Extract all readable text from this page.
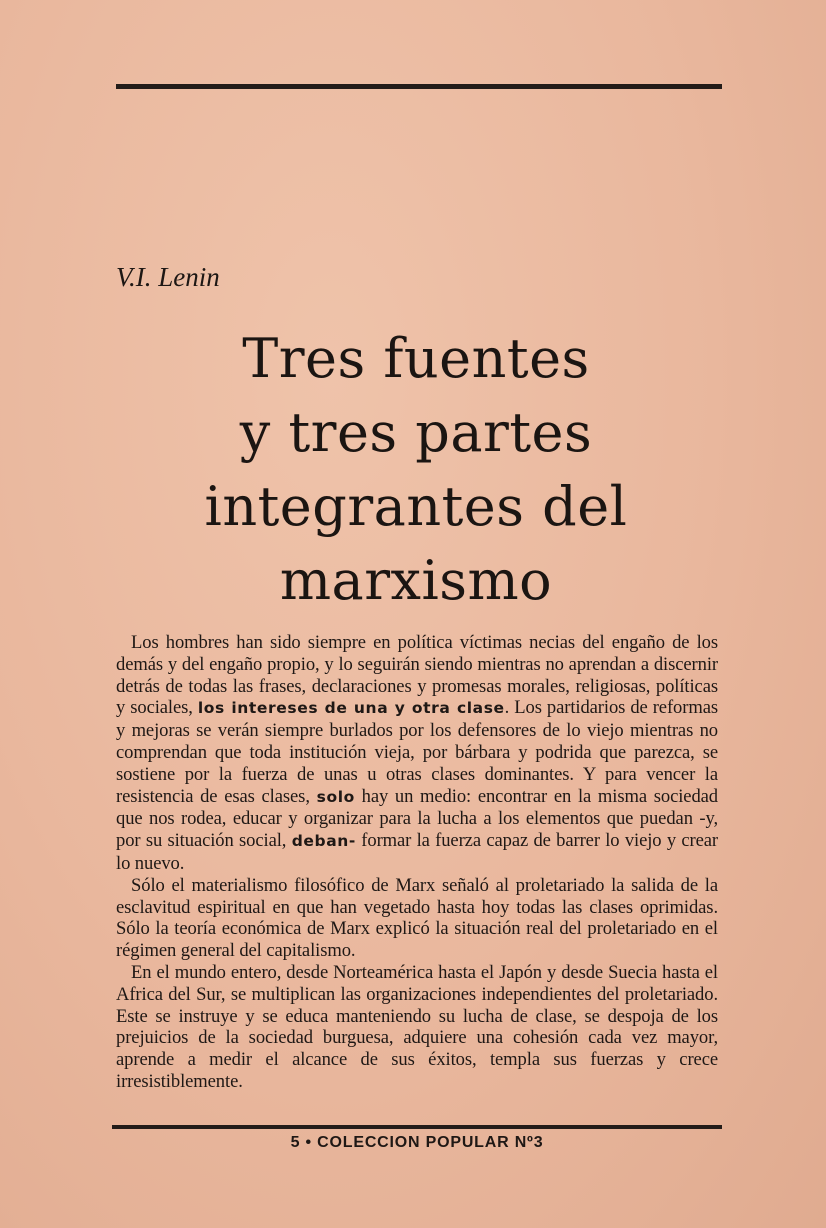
V.I. Lenin
Tres fuentes
y tres partes
integrantes del
marxismo

Los hombres han sido siempre en política víctimas necias del engaño de los demás y del engaño propio, y lo seguirán siendo mientras no aprendan a discernir detrás de todas las frases, declaraciones y promesas morales, religiosas, políticas y sociales, los intereses de una y otra clase. Los partidarios de reformas y mejoras se verán siempre burlados por los defensores de lo viejo mientras no comprendan que toda institución vieja, por bárbara y podrida que parezca, se sostiene por la fuerza de unas u otras clases dominantes. Y para vencer la resistencia de esas clases, solo hay un medio: encontrar en la misma sociedad que nos rodea, educar y organizar para la lucha a los elementos que puedan -y, por su situación social, deban- formar la fuerza capaz de barrer lo viejo y crear lo nuevo.

Sólo el materialismo filosófico de Marx señaló al proletariado la salida de la esclavitud espiritual en que han vegetado hasta hoy todas las clases oprimidas. Sólo la teoría económica de Marx explicó la situación real del proletariado en el régimen general del capitalismo.

En el mundo entero, desde Norteamérica hasta el Japón y desde Suecia hasta el Africa del Sur, se multiplican las organizaciones independientes del proletariado. Este se instruye y se educa manteniendo su lucha de clase, se despoja de los prejuicios de la sociedad burguesa, adquiere una cohesión cada vez mayor, aprende a medir el alcance de sus éxitos, templa sus fuerzas y crece irresistiblemente.

5 • COLECCION POPULAR Nº3
